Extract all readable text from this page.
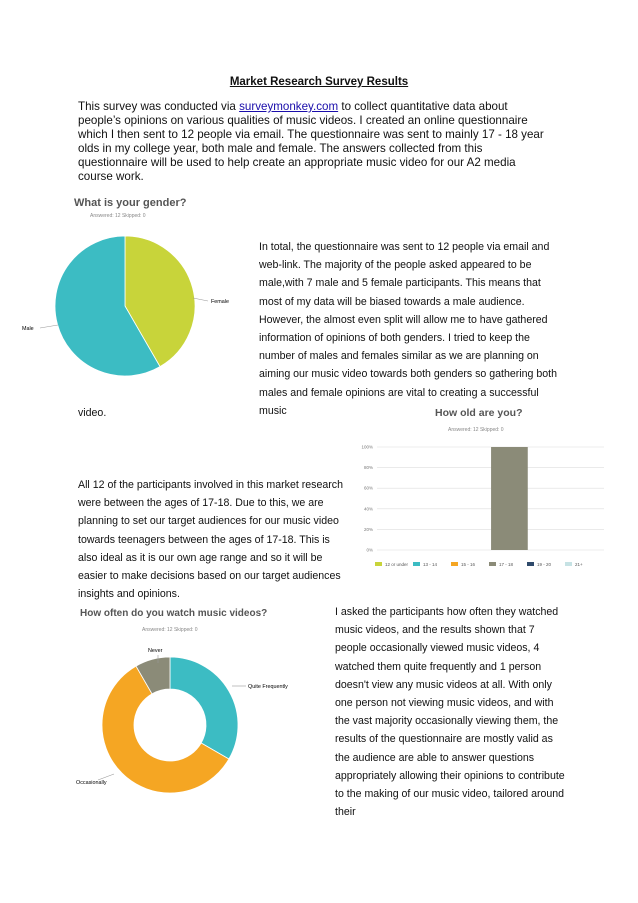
Market Research Survey Results
This survey was conducted via surveymonkey.com to collect quantitative data about people’s opinions on various qualities of music videos. I created an online questionnaire which I then sent to 12 people via email. The questionnaire was sent to mainly 17 - 18 year olds in my college year, both male and female. The answers collected from this questionnaire will be used to help create an appropriate music video for our A2 media course work.
What is your gender?
Answered: 12 Skipped: 0
Female
Male
In total, the questionnaire was sent to 12 people via email and web-link. The majority of the people asked appeared to be male,with 7 male and 5 female participants. This means that most of my data will be biased towards a male audience. However, the almost even split will allow me to have gathered information of opinions of both genders. I tried to keep the number of males and females similar as we are planning on aiming our music video towards both genders so gathering both males and female opinions are vital to creating a successful music
video.	How old are you?
Answered: 12 Skipped: 0
0%
20%
40%
60%
80%
100%
12 or under	13 - 14	15 - 16	17 - 18	19 - 20	21+
All 12 of the participants involved in this market research were between the ages of 17-18. Due to this, we are planning to set our target audiences for our music video towards teenagers between the ages of 17-18. This is also ideal as it is our own age range and so it will be easier to make decisions based on our target audiences insights and opinions.
How often do you watch music videos?
Answered: 12 Skipped: 0
Never
Quite Frequently
Occasionally
I asked the participants how often they watched music videos, and the results shown that 7 people occasionally viewed music videos, 4 watched them quite frequently and 1 person doesn't view any music videos at all. With only one person not viewing music videos, and with the vast majority occasionally viewing them, the results of the questionnaire are mostly valid as the audience are able to answer questions appropriately allowing their opinions to contribute to the making of our music video, tailored around their
